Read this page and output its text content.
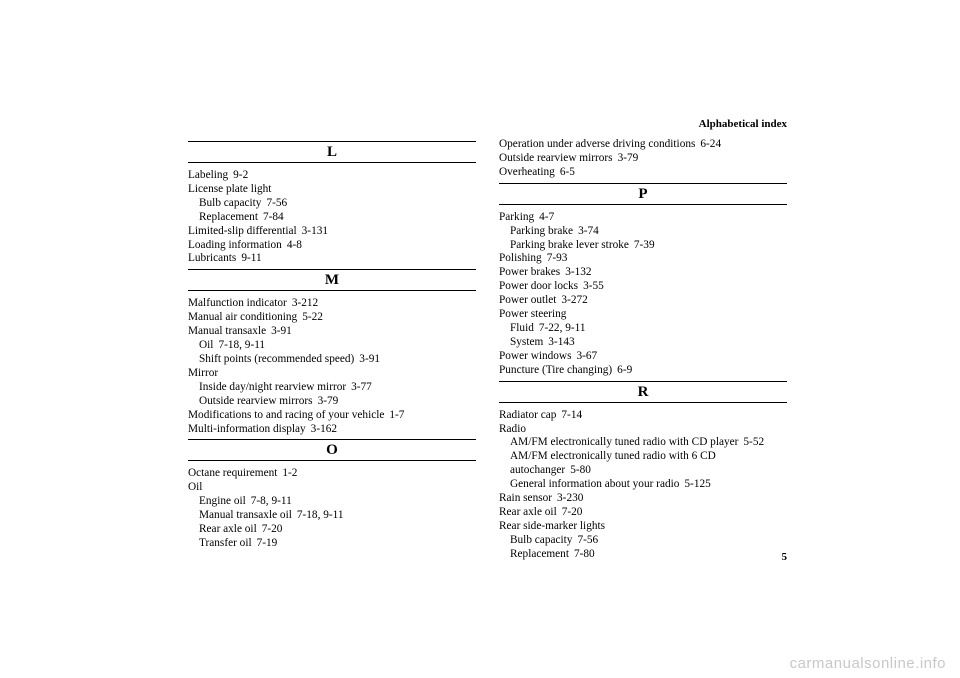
Alphabetical index
L
Labeling 9-2
License plate light
Bulb capacity 7-56
Replacement 7-84
Limited-slip differential 3-131
Loading information 4-8
Lubricants 9-11
M
Malfunction indicator 3-212
Manual air conditioning 5-22
Manual transaxle 3-91
Oil 7-18, 9-11
Shift points (recommended speed) 3-91
Mirror
Inside day/night rearview mirror 3-77
Outside rearview mirrors 3-79
Modifications to and racing of your vehicle 1-7
Multi-information display 3-162
O
Octane requirement 1-2
Oil
Engine oil 7-8, 9-11
Manual transaxle oil 7-18, 9-11
Rear axle oil 7-20
Transfer oil 7-19
Operation under adverse driving conditions 6-24
Outside rearview mirrors 3-79
Overheating 6-5
P
Parking 4-7
Parking brake 3-74
Parking brake lever stroke 7-39
Polishing 7-93
Power brakes 3-132
Power door locks 3-55
Power outlet 3-272
Power steering
Fluid 7-22, 9-11
System 3-143
Power windows 3-67
Puncture (Tire changing) 6-9
R
Radiator cap 7-14
Radio
AM/FM electronically tuned radio with CD player 5-52
AM/FM electronically tuned radio with 6 CD
autochanger 5-80
General information about your radio 5-125
Rain sensor 3-230
Rear axle oil 7-20
Rear side-marker lights
Bulb capacity 7-56
Replacement 7-80	5
carmanualsonline.info
